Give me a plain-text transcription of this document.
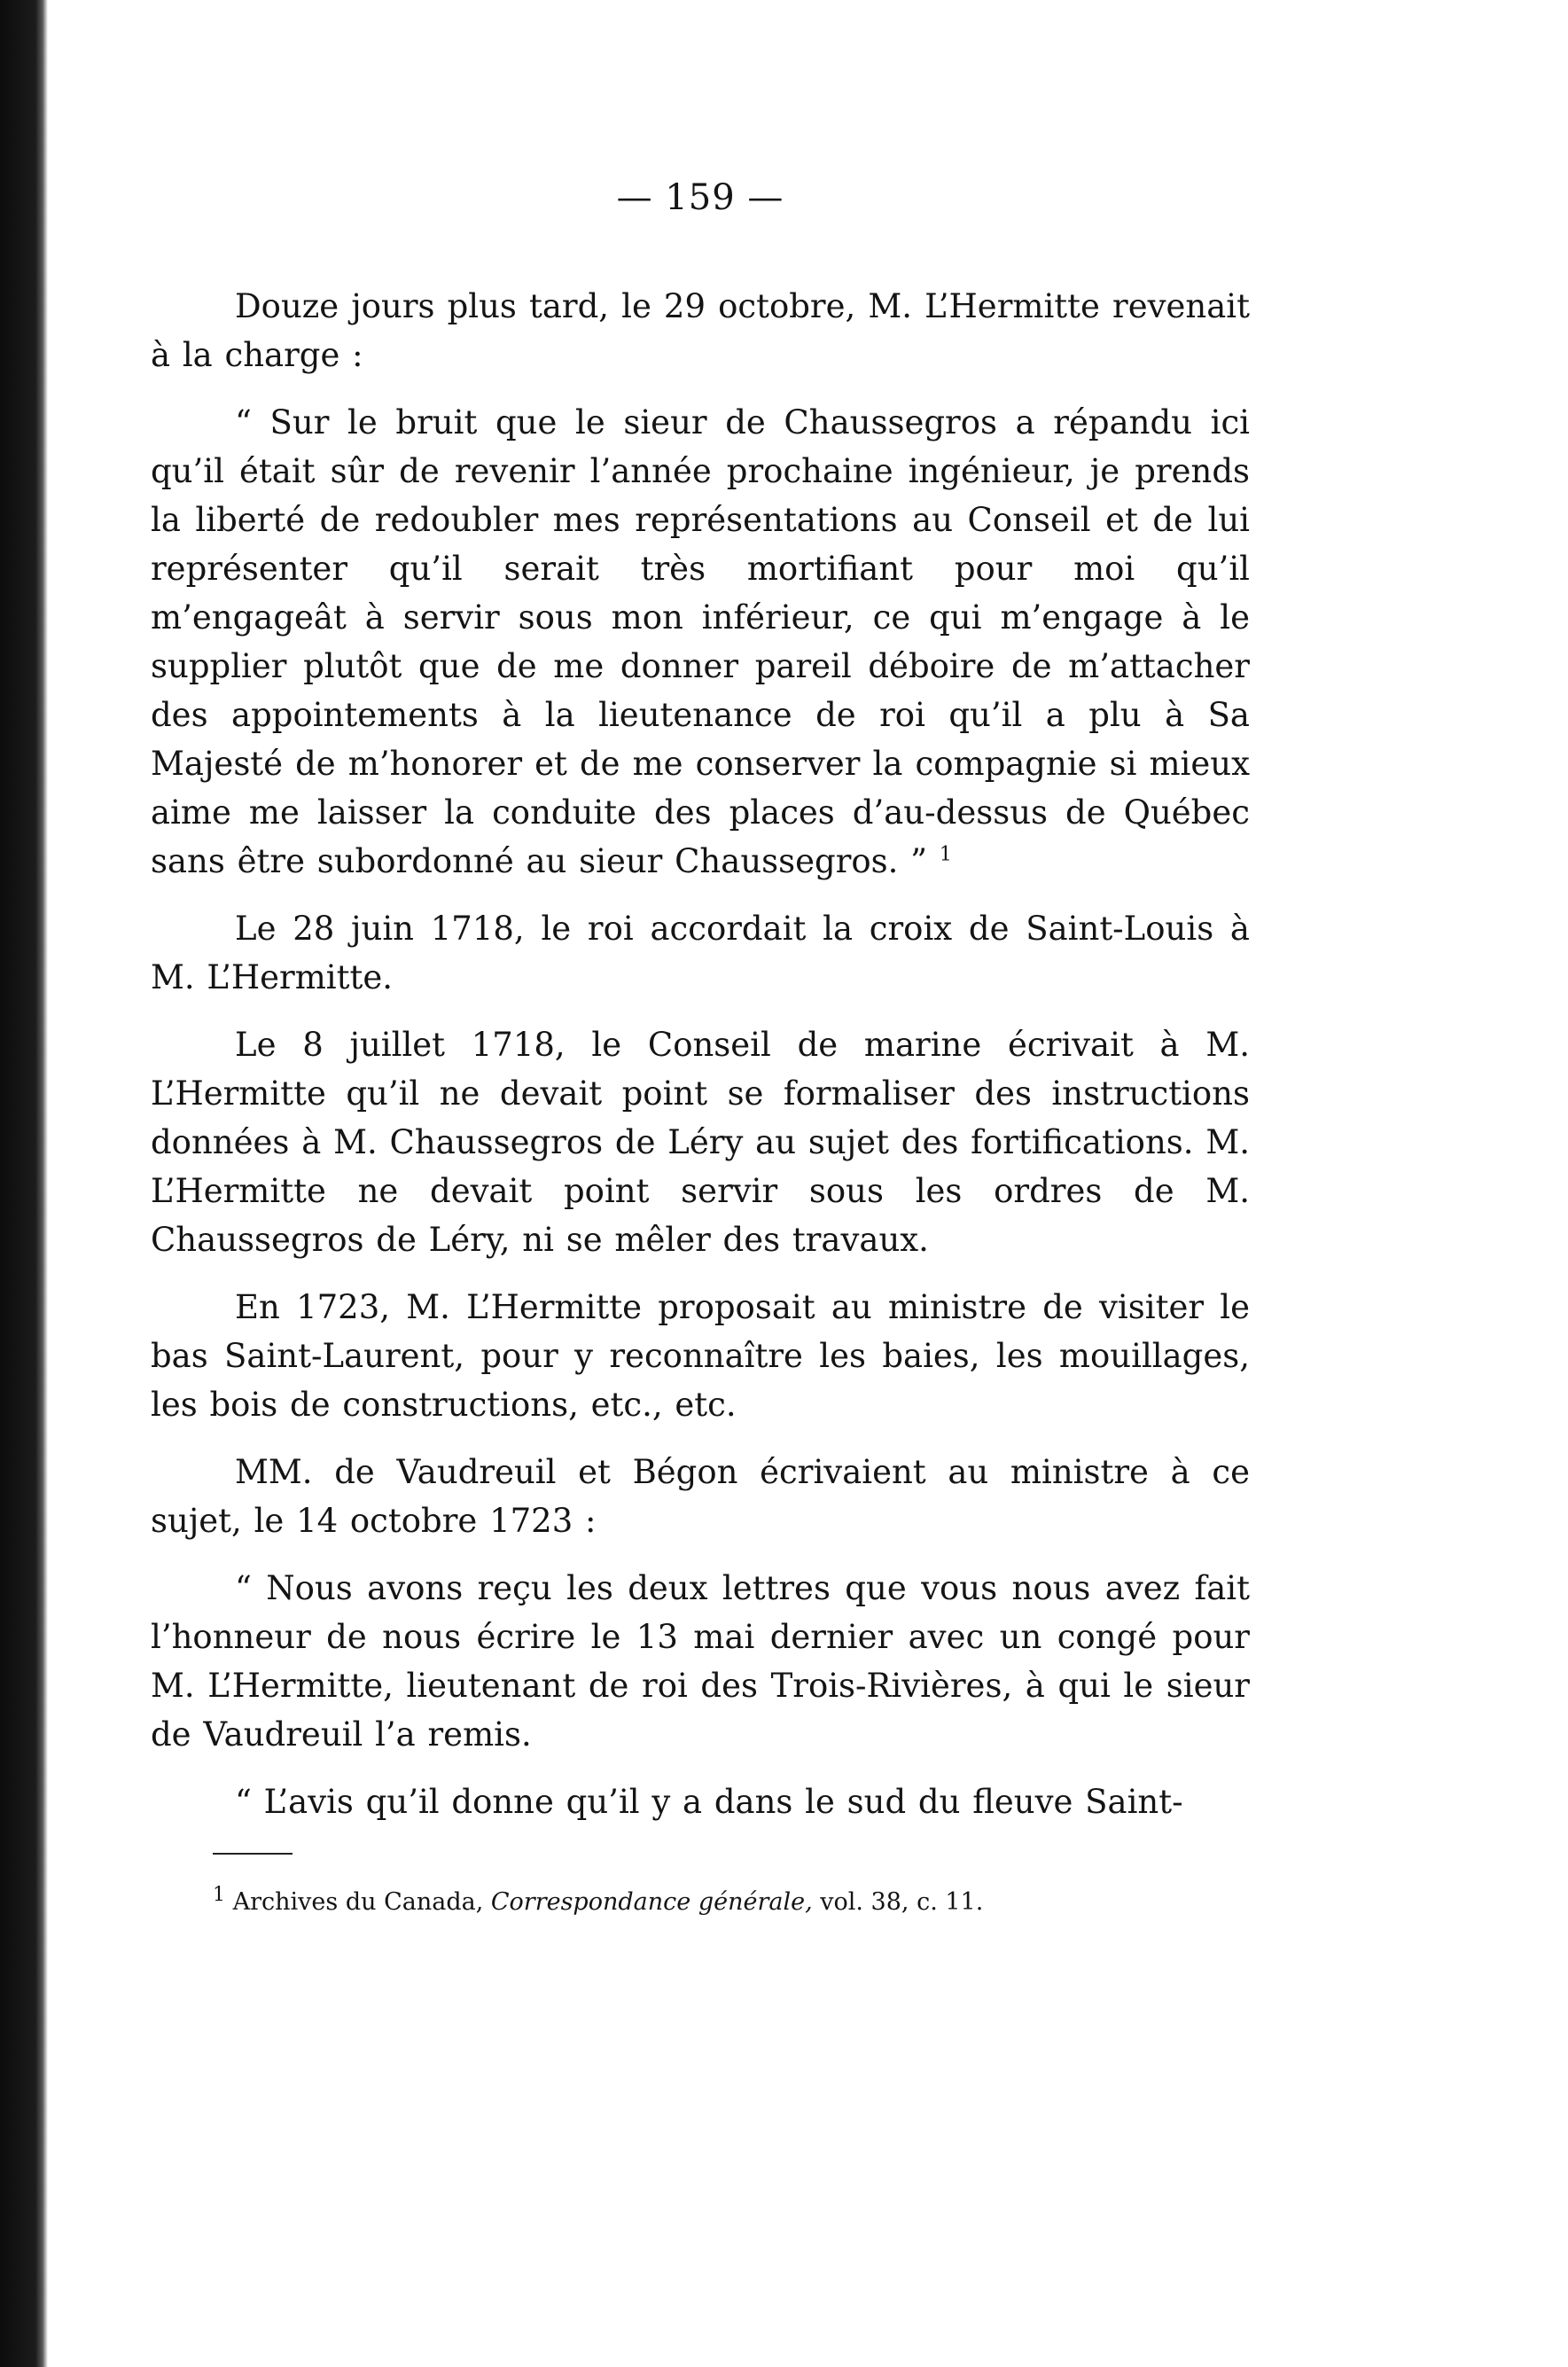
— 159 —

Douze jours plus tard, le 29 octobre, M. L’Hermitte revenait à la charge :

“ Sur le bruit que le sieur de Chaussegros a répandu ici qu’il était sûr de revenir l’année prochaine ingénieur, je prends la liberté de redoubler mes représentations au Conseil et de lui représenter qu’il serait très mortifiant pour moi qu’il m’engageât à servir sous mon inférieur, ce qui m’engage à le supplier plutôt que de me donner pareil déboire de m’attacher des appointements à la lieutenance de roi qu’il a plu à Sa Majesté de m’honorer et de me conserver la compagnie si mieux aime me laisser la conduite des places d’au-dessus de Québec sans être subordonné au sieur Chaussegros. ” $^1$

Le 28 juin 1718, le roi accordait la croix de Saint-Louis à M. L’Hermitte.

Le 8 juillet 1718, le Conseil de marine écrivait à M. L’Hermitte qu’il ne devait point se formaliser des instructions données à M. Chaussegros de Léry au sujet des fortifications. M. L’Hermitte ne devait point servir sous les ordres de M. Chaussegros de Léry, ni se mêler des travaux.

En 1723, M. L’Hermitte proposait au ministre de visiter le bas Saint-Laurent, pour y reconnaître les baies, les mouillages, les bois de constructions, etc., etc.

MM. de Vaudreuil et Bégon écrivaient au ministre à ce sujet, le 14 octobre 1723 :

“ Nous avons reçu les deux lettres que vous nous avez fait l’honneur de nous écrire le 13 mai dernier avec un congé pour M. L’Hermitte, lieutenant de roi des Trois-Rivières, à qui le sieur de Vaudreuil l’a remis.

“ L’avis qu’il donne qu’il y a dans le sud du fleuve Saint-

$^1$ Archives du Canada, Correspondance générale, vol. 38, c. 11.
